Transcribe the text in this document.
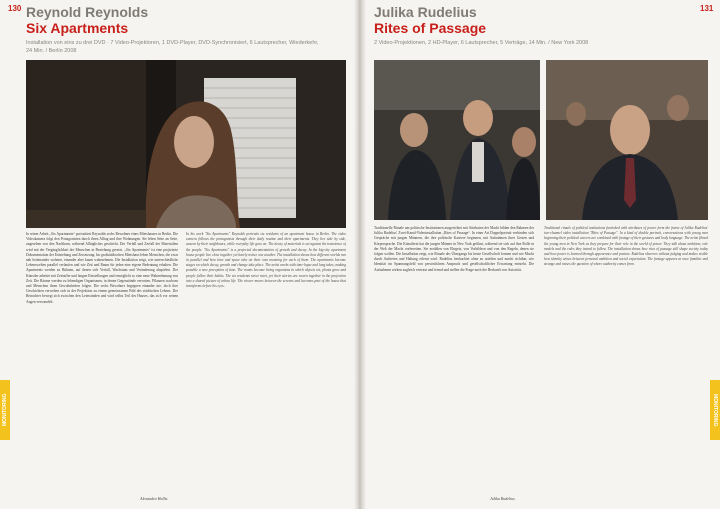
130 Reynold Reynolds
Six Apartments
Installation von eins zu drei DVD · 7 Video-Projektoren, 1 DVD-Player, DVD-Synchronisiert, 6 Lautsprecher, Wiederkehr, 24 Min. / Berlin 2008
MONITORING
In seiner Arbeit „Six Apartments“ portraitiert Reynolds sechs Bewohner eines Mietshauses in Berlin. Die Videokamera folgt den Protagonisten durch ihren Alltag und ihre Wohnungen. Sie leben Seite an Seite, ungesehen von den Nachbarn, während Alltägliches geschieht. Der Verfall und Zerfall der Materialien wird mit der Vergänglichkeit der Menschen in Beziehung gesetzt. „Six Apartments“ ist eine projizierte Dokumentation der Entstehung und Zersetzung. Im großstädtischen Mietshaus leben Menschen, die zwar nah beieinander wohnen, einander aber kaum wahrnehmen. Die Installation zeigt, wie unterschiedliche Lebenswelten parallel verlaufen und wie Zeit und Raum für jeden eine eigene Bedeutung erhalten. Die Apartments werden zu Bühnen, auf denen sich Verfall, Wachstum und Veränderung abspielen. Der Künstler arbeitet mit Zeitraffer und langen Einstellungen und ermöglicht so eine neue Wahrnehmung von Zeit. Die Räume werden zu lebendigen Organismen, in denen Gegenstände verrotten, Pflanzen wachsen und Menschen ihren Gewohnheiten folgen. Die sechs Bewohner begegnen einander nie, doch ihre Geschichten verweben sich in der Projektion zu einem gemeinsamen Bild des städtischen Lebens. Der Betrachter bewegt sich zwischen den Leinwänden und wird selbst Teil des Hauses, das sich vor seinen Augen verwandelt.
In his work "Six Apartments" Reynolds portraits six residents of an apartment house in Berlin. The video camera follows the protagonists through their daily routine and their apartments. They live side by side, unseen by their neighbours, while everyday life goes on. The decay of materials is set against the transience of the people. "Six Apartments" is a projected documentation of growth and decay. In the big-city apartment house people live close together yet barely notice one another. The installation shows how different worlds run in parallel and how time and space take on their own meaning for each of them. The apartments become stages on which decay, growth and change take place. The artist works with time-lapse and long takes, making possible a new perception of time. The rooms become living organisms in which objects rot, plants grow and people follow their habits. The six residents never meet, yet their stories are woven together in the projection into a shared picture of urban life. The viewer moves between the screens and becomes part of the house that transforms before his eyes.
Alexandra Hallis
131
Julika Rudelius
Rites of Passage
2 Video-Projektionen, 2 HD-Player, 6 Lautsprecher, 5 Verträge, 14 Min. / New York 2008
MONITORING
Traditionelle Rituale um politische Institutionen ausgerichtet mit Attributen der Macht bilden den Rahmen der Julika Rudelius' Zwei-Kanal-Videoinstallation „Rites of Passage“. In einer Art Doppelportrait verbinden sich Gespräche mit jungen Männern, die ihre politische Karriere beginnen, mit Aufnahmen ihrer Gesten und Körpersprache. Die Künstlerin hat die jungen Männer in New York gefilmt, während sie sich auf ihre Rolle in der Welt der Macht vorbereiten. Sie erzählen von Ehrgeiz, von Vorbildern und von den Regeln, denen sie folgen wollen. Die Installation zeigt, wie Rituale des Übergangs bis heute Gesellschaft formen und wie Macht durch Auftreten und Haltung erlernt wird. Rudelius beobachtet ohne zu urteilen und macht sichtbar, wie Identität im Spannungsfeld von persönlichem Anspruch und gesellschaftlicher Erwartung entsteht. Die Aufnahmen wirken zugleich vertraut und fremd und stellen die Frage nach der Herkunft von Autorität.
Traditional rituals of political institutions furnished with attributes of power form the frame of Julika Rudelius' two-channel video installation "Rites of Passage". In a kind of double portrait, conversations with young men beginning their political careers are combined with footage of their gestures and body language. The artist filmed the young men in New York as they prepare for their role in the world of power. They talk about ambition, role models and the rules they intend to follow. The installation shows how rites of passage still shape society today and how power is learned through appearance and posture. Rudelius observes without judging and makes visible how identity arises between personal ambition and social expectation. The footage appears at once familiar and strange and raises the question of where authority comes from.
Julika Rudelius
